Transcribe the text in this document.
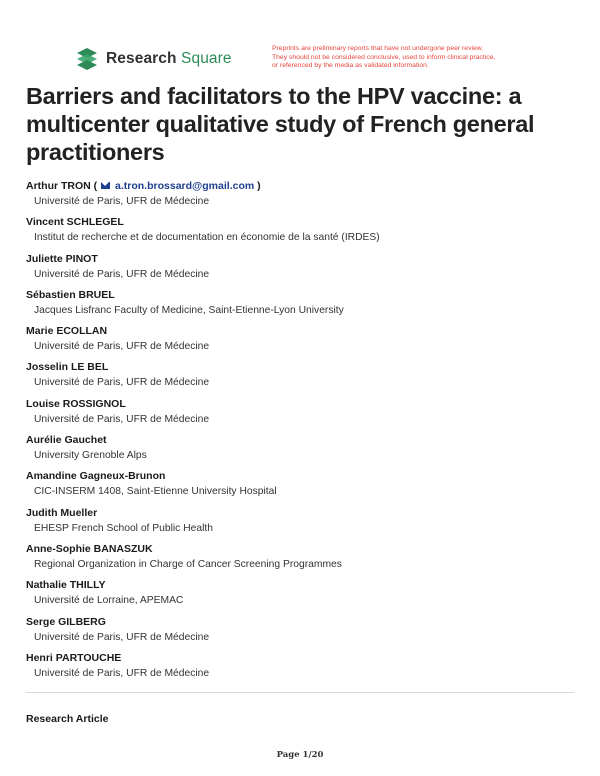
Research Square
Preprints are preliminary reports that have not undergone peer review.
They should not be considered conclusive, used to inform clinical practice,
or referenced by the media as validated information.
Barriers and facilitators to the HPV vaccine: a multicenter qualitative study of French general practitioners
Arthur TRON ( a.tron.brossard@gmail.com )
Université de Paris, UFR de Médecine
Vincent SCHLEGEL
Institut de recherche et de documentation en économie de la santé (IRDES)
Juliette PINOT
Université de Paris, UFR de Médecine
Sébastien BRUEL
Jacques Lisfranc Faculty of Medicine, Saint-Etienne-Lyon University
Marie ECOLLAN
Université de Paris, UFR de Médecine
Josselin LE BEL
Université de Paris, UFR de Médecine
Louise ROSSIGNOL
Université de Paris, UFR de Médecine
Aurélie Gauchet
University Grenoble Alps
Amandine Gagneux-Brunon
CIC-INSERM 1408, Saint-Etienne University Hospital
Judith Mueller
EHESP French School of Public Health
Anne-Sophie BANASZUK
Regional Organization in Charge of Cancer Screening Programmes
Nathalie THILLY
Université de Lorraine, APEMAC
Serge GILBERG
Université de Paris, UFR de Médecine
Henri PARTOUCHE
Université de Paris, UFR de Médecine
Research Article
Page 1/20
